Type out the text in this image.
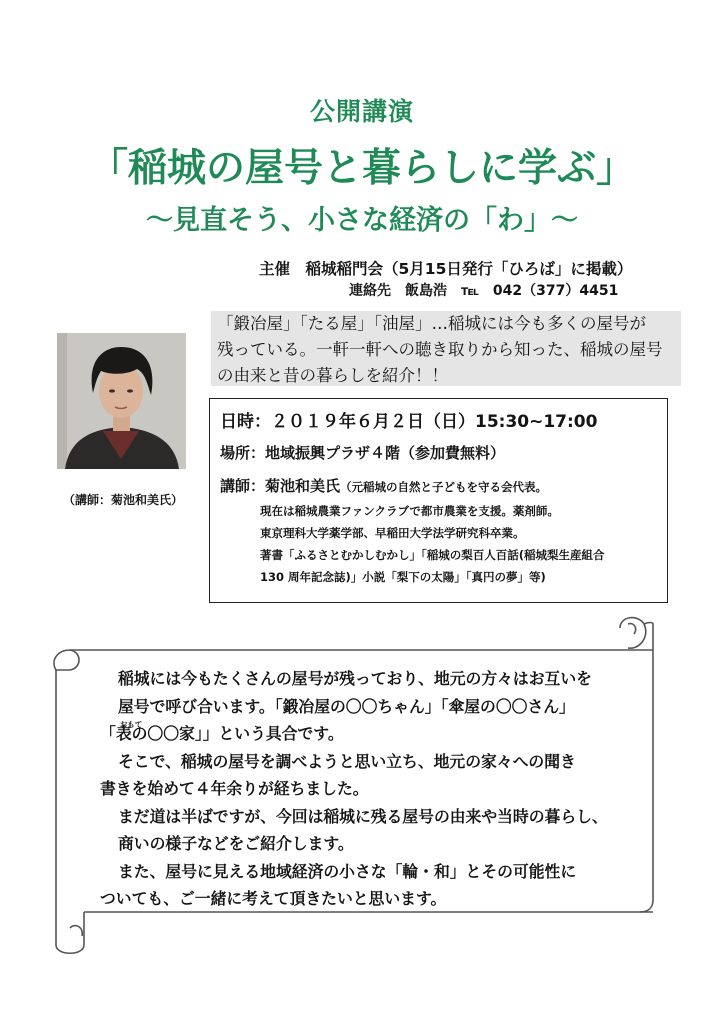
公開講演
「稲城の屋号と暮らしに学ぶ」
～見直そう、小さな経済の「わ」～
主催　稲城稲門会（5月15日発行「ひろば」に掲載）
連絡先　飯島浩　℡　042（377）4451
「鍛冶屋」「たる屋」「油屋」…稲城には今も多くの屋号が
残っている。一軒一軒への聴き取りから知った、稲城の屋号
の由来と昔の暮らしを紹介！！
（講師：菊池和美氏）
日時：２０１９年６月２日（日）15:30~17:00
場所：地域振興プラザ４階（参加費無料）
講師：菊池和美氏（元稲城の自然と子どもを守る会代表。
現在は稲城農業ファンクラブで都市農業を支援。薬剤師。
東京理科大学薬学部、早稲田大学法学研究科卒業。
著書「ふるさとむかしむかし」「稲城の梨百人百話(稲城梨生産組合
130 周年記念誌)」小説「梨下の太陽」「真円の夢」等)
稲城には今もたくさんの屋号が残っており、地元の方々はお互いを
屋号で呼び合います。「鍛冶屋の〇〇ちゃん」「傘屋の〇〇さん」
「 おもて
表の〇〇家」」という具合です。
そこで、稲城の屋号を調べようと思い立ち、地元の家々への聞き
書きを始めて４年余りが経ちました。
まだ道は半ばですが、今回は稲城に残る屋号の由来や当時の暮らし、
商いの様子などをご紹介します。
また、屋号に見える地域経済の小さな「輪・和」とその可能性に
ついても、ご一緒に考えて頂きたいと思います。
